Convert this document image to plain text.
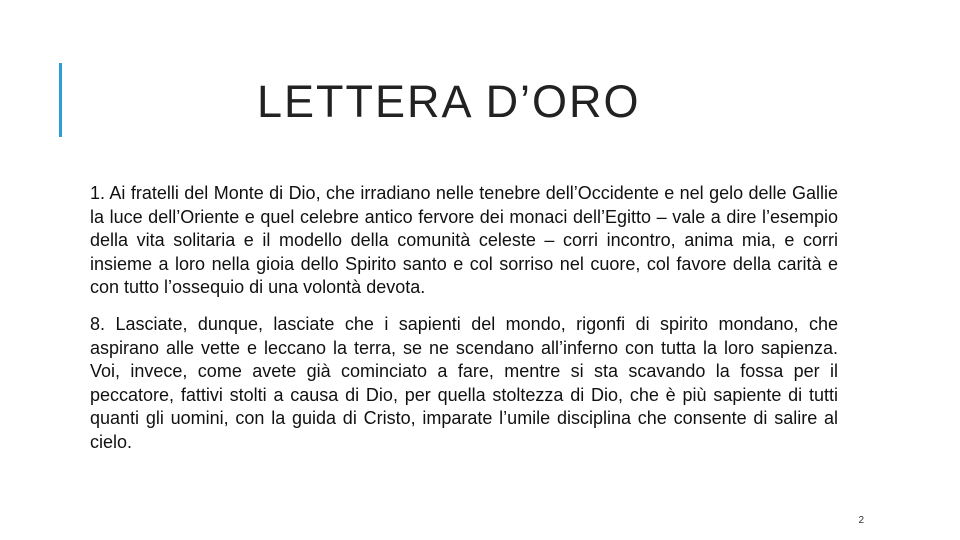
LETTERA D’ORO

1. Ai fratelli del Monte di Dio, che irradiano nelle tenebre dell’Occidente e nel gelo delle Gallie la luce dell’Oriente e quel celebre antico fervore dei monaci dell’Egitto – vale a dire l’esempio della vita solitaria e il modello della comunità celeste – corri incontro, anima mia, e corri insieme a loro nella gioia dello Spirito santo e col sorriso nel cuore, col favore della carità e con tutto l’ossequio di una volontà devota.

8. Lasciate, dunque, lasciate che i sapienti del mondo, rigonfi di spirito mondano, che aspirano alle vette e leccano la terra, se ne scendano all’inferno con tutta la loro sapienza. Voi, invece, come avete già cominciato a fare, mentre si sta scavando la fossa per il peccatore, fattivi stolti a causa di Dio, per quella stoltezza di Dio, che è più sapiente di tutti quanti gli uomini, con la guida di Cristo, imparate l’umile disciplina che consente di salire al cielo.

2
